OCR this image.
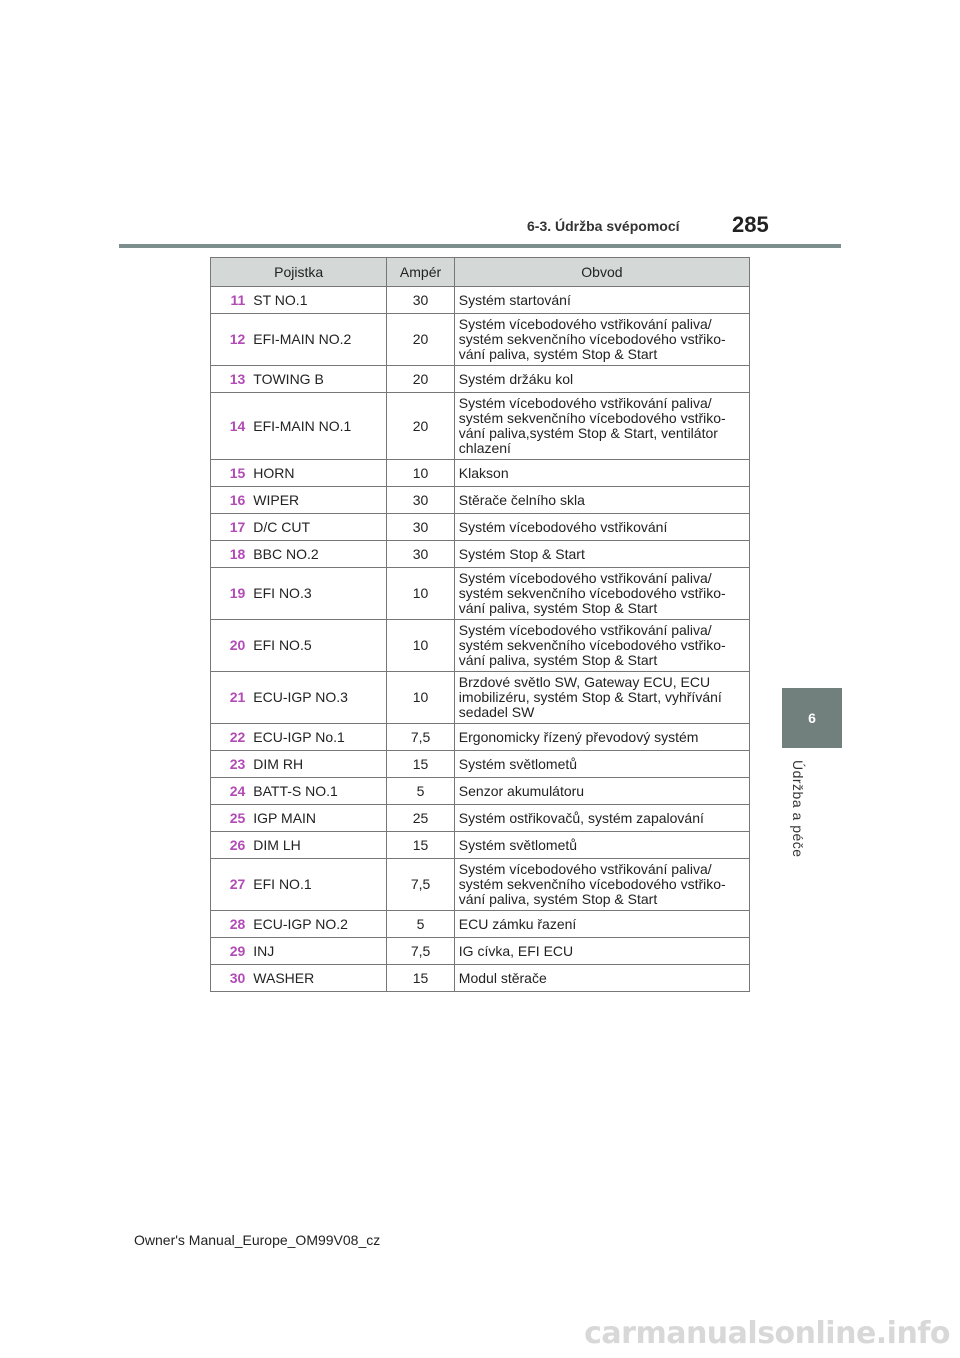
6-3. Údržba svépomocí 285
6
Údržba a péče
Pojistka		Ampér	Obvod
11	ST NO.1	30	Systém startování
12	EFI-MAIN NO.2	20	Systém vícebodového vstřikování paliva/ systém sekvenčního vícebodového vstřiko-vání paliva, systém Stop & Start
13	TOWING B	20	Systém držáku kol
14	EFI-MAIN NO.1	20	Systém vícebodového vstřikování paliva/ systém sekvenčního vícebodového vstřiko-vání paliva,systém Stop & Start, ventilátor chlazení
15	HORN	10	Klakson
16	WIPER	30	Stěrače čelního skla
17	D/C CUT	30	Systém vícebodového vstřikování
18	BBC NO.2	30	Systém Stop & Start
19	EFI NO.3	10	Systém vícebodového vstřikování paliva/ systém sekvenčního vícebodového vstřiko-vání paliva, systém Stop & Start
20	EFI NO.5	10	Systém vícebodového vstřikování paliva/ systém sekvenčního vícebodového vstřiko-vání paliva, systém Stop & Start
21	ECU-IGP NO.3	10	Brzdové světlo SW, Gateway ECU, ECU imobilizéru, systém Stop & Start, vyhřívání sedadel SW
22	ECU-IGP No.1	7,5	Ergonomicky řízený převodový systém
23	DIM RH	15	Systém světlometů
24	BATT-S NO.1	5	Senzor akumulátoru
25	IGP MAIN	25	Systém ostřikovačů, systém zapalování
26	DIM LH	15	Systém světlometů
27	EFI NO.1	7,5	Systém vícebodového vstřikování paliva/ systém sekvenčního vícebodového vstřiko-vání paliva, systém Stop & Start
28	ECU-IGP NO.2	5	ECU zámku řazení
29	INJ	7,5	IG cívka, EFI ECU
30	WASHER	15	Modul stěrače
Owner's Manual_Europe_OM99V08_cz
carmanualsonline.info
